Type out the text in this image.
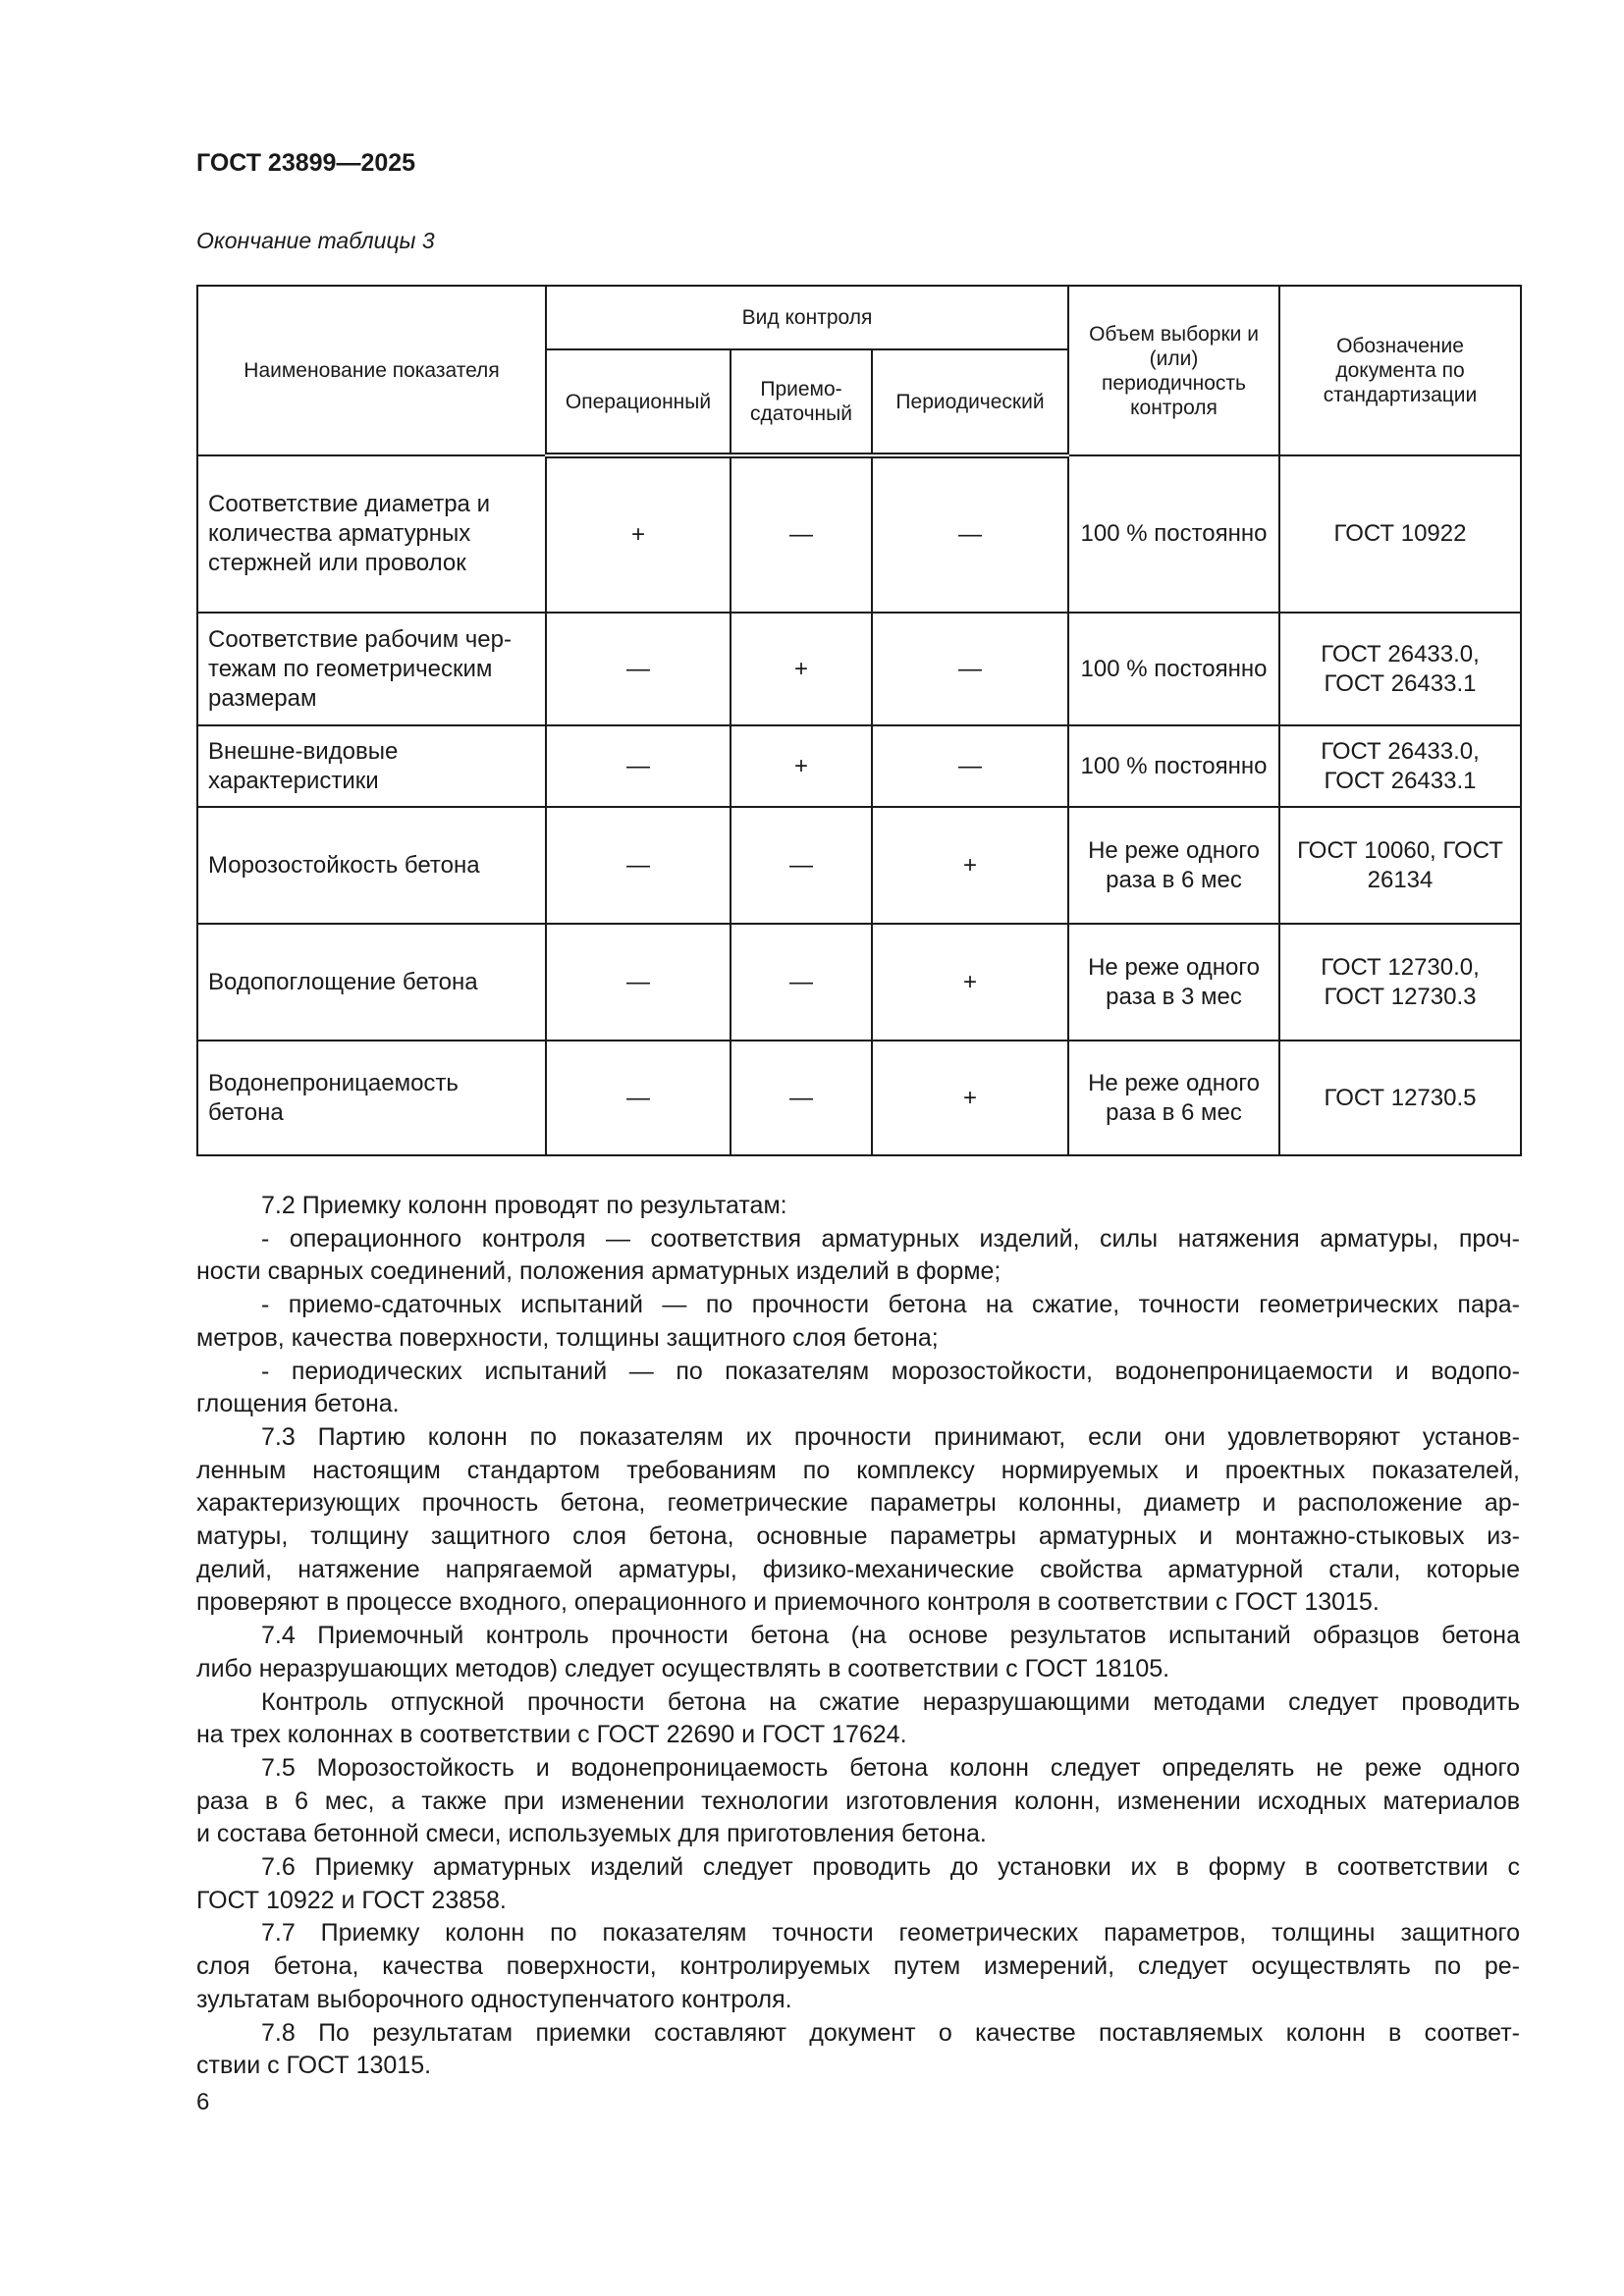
ГОСТ 23899—2025
Окончание таблицы 3
Наименование показателя	Вид контроля			Объем выборки и (или) периодичность контроля	Обозначение документа по стандартизации
	Операционный	Приемо-сдаточный	Периодический		
Соответствие диаметра и количества арматурных стержней или проволок	+	—	—	100 % постоянно	ГОСТ 10922
Соответствие рабочим чертежам по геометрическим размерам	—	+	—	100 % постоянно	ГОСТ 26433.0, ГОСТ 26433.1
Внешне-видовые характеристики	—	+	—	100 % постоянно	ГОСТ 26433.0, ГОСТ 26433.1
Морозостойкость бетона	—	—	+	Не реже одного раза в 6 мес	ГОСТ 10060, ГОСТ 26134
Водопоглощение бетона	—	—	+	Не реже одного раза в 3 мес	ГОСТ 12730.0, ГОСТ 12730.3
Водонепроницаемость бетона	—	—	+	Не реже одного раза в 6 мес	ГОСТ 12730.5
7.2 Приемку колонн проводят по результатам:
- операционного контроля — соответствия арматурных изделий, силы натяжения арматуры, проч-
ности сварных соединений, положения арматурных изделий в форме;
- приемо-сдаточных испытаний — по прочности бетона на сжатие, точности геометрических пара-
метров, качества поверхности, толщины защитного слоя бетона;
- периодических испытаний — по показателям морозостойкости, водонепроницаемости и водопо-
глощения бетона.
7.3 Партию колонн по показателям их прочности принимают, если они удовлетворяют установ-
ленным настоящим стандартом требованиям по комплексу нормируемых и проектных показателей,
характеризующих прочность бетона, геометрические параметры колонны, диаметр и расположение ар-
матуры, толщину защитного слоя бетона, основные параметры арматурных и монтажно-стыковых из-
делий, натяжение напрягаемой арматуры, физико-механические свойства арматурной стали, которые
проверяют в процессе входного, операционного и приемочного контроля в соответствии с ГОСТ 13015.
7.4 Приемочный контроль прочности бетона (на основе результатов испытаний образцов бетона
либо неразрушающих методов) следует осуществлять в соответствии с ГОСТ 18105.
Контроль отпускной прочности бетона на сжатие неразрушающими методами следует проводить
на трех колоннах в соответствии с ГОСТ 22690 и ГОСТ 17624.
7.5 Морозостойкость и водонепроницаемость бетона колонн следует определять не реже одного
раза в 6 мес, а также при изменении технологии изготовления колонн, изменении исходных материалов
и состава бетонной смеси, используемых для приготовления бетона.
7.6 Приемку арматурных изделий следует проводить до установки их в форму в соответствии с
ГОСТ 10922 и ГОСТ 23858.
7.7 Приемку колонн по показателям точности геометрических параметров, толщины защитного
слоя бетона, качества поверхности, контролируемых путем измерений, следует осуществлять по ре-
зультатам выборочного одноступенчатого контроля.
7.8 По результатам приемки составляют документ о качестве поставляемых колонн в соответ-
ствии с ГОСТ 13015.
6
